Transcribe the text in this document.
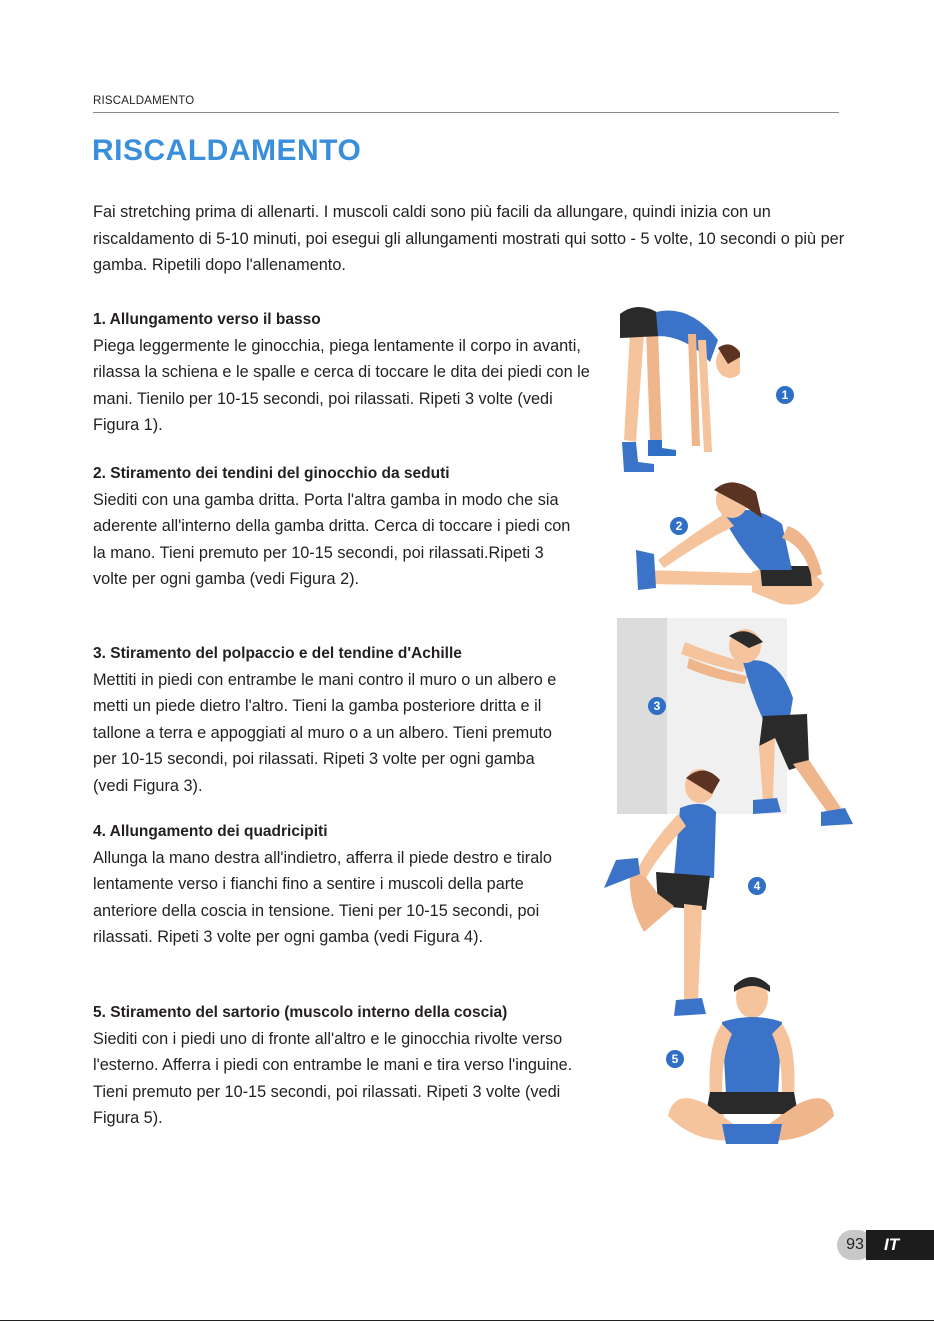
RISCALDAMENTO
RISCALDAMENTO

Fai stretching prima di allenarti. I muscoli caldi sono più facili da allungare, quindi inizia con un riscaldamento di 5-10 minuti, poi esegui gli allungamenti mostrati qui sotto - 5 volte, 10 secondi o più per gamba. Ripetili dopo l'allenamento.

1. Allungamento verso il basso

Piega leggermente le ginocchia, piega lentamente il corpo in avanti, rilassa la schiena e le spalle e cerca di toccare le dita dei piedi con le mani. Tienilo per 10-15 secondi, poi rilassati. Ripeti 3 volte (vedi Figura 1).

2. Stiramento dei tendini del ginocchio da seduti

Siediti con una gamba dritta. Porta l'altra gamba in modo che sia aderente all'interno della gamba dritta. Cerca di toccare i piedi con la mano. Tieni premuto per 10-15 secondi, poi rilassati.Ripeti 3 volte per ogni gamba (vedi Figura 2).

3. Stiramento del polpaccio e del tendine d'Achille

Mettiti in piedi con entrambe le mani contro il muro o un albero e metti un piede dietro l'altro. Tieni la gamba posteriore dritta e il tallone a terra e appoggiati al muro o a un albero. Tieni premuto per 10-15 secondi, poi rilassati. Ripeti 3 volte per ogni gamba (vedi Figura 3).

4. Allungamento dei quadricipiti

Allunga la mano destra all'indietro, afferra il piede destro e tiralo lentamente verso i fianchi fino a sentire i muscoli della parte anteriore della coscia in tensione. Tieni per 10-15 secondi, poi rilassati. Ripeti 3 volte per ogni gamba (vedi Figura 4).

5. Stiramento del sartorio (muscolo interno della coscia)

Siediti con i piedi uno di fronte all'altro e le ginocchia rivolte verso l'esterno. Afferra i piedi con entrambe le mani e tira verso l'inguine. Tieni premuto per 10-15 secondi, poi rilassati. Ripeti 3 volte (vedi Figura 5).

1
2
3
4
5
93	IT
